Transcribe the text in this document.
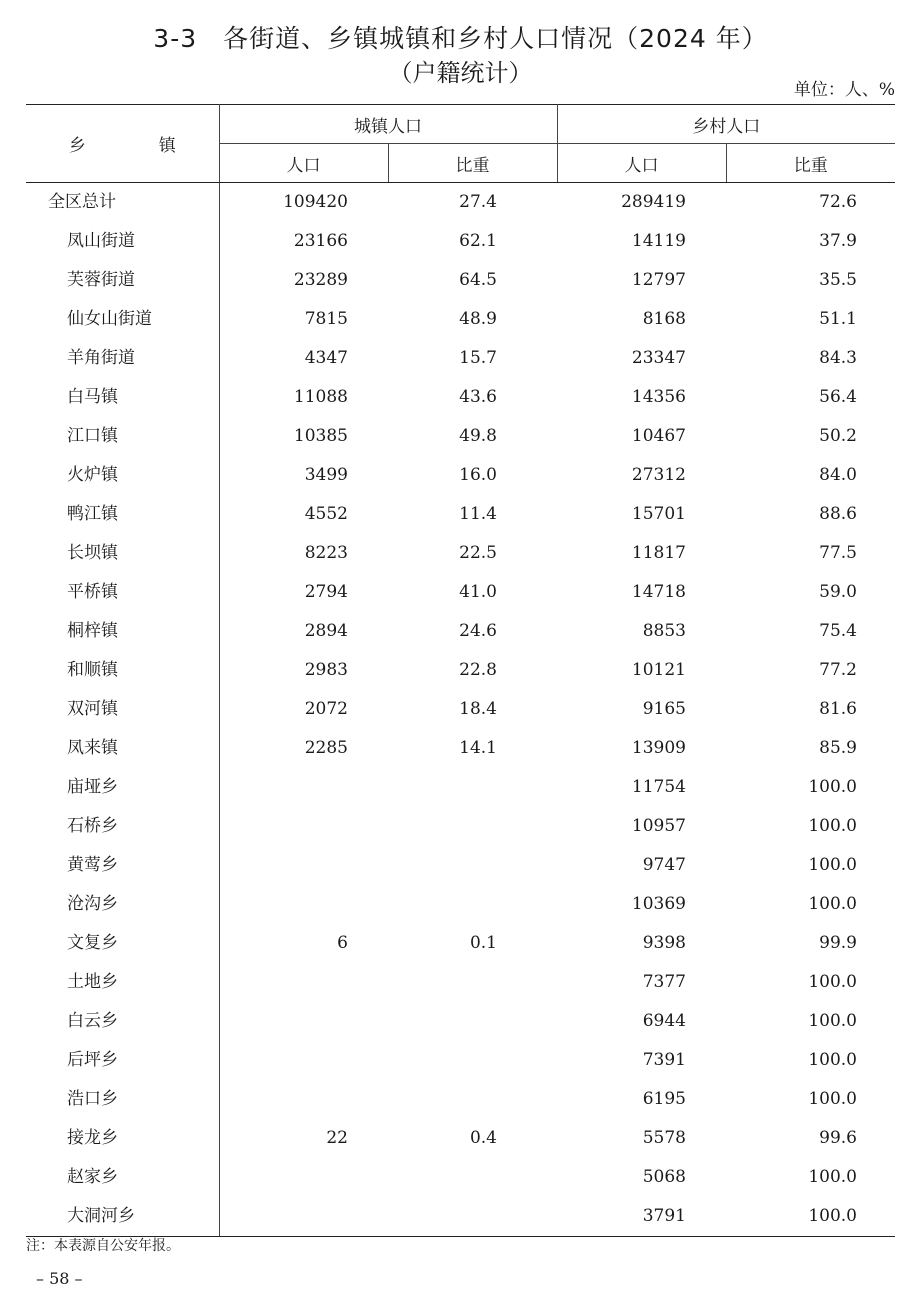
3-3　各街道、乡镇城镇和乡村人口情况（2024 年）
（户籍统计）
单位：人、%
乡　镇	城镇人口		乡村人口	
	人口	比重	人口	比重
全区总计	109420	27.4	289419	72.6
凤山街道	23166	62.1	14119	37.9
芙蓉街道	23289	64.5	12797	35.5
仙女山街道	7815	48.9	8168	51.1
羊角街道	4347	15.7	23347	84.3
白马镇	11088	43.6	14356	56.4
江口镇	10385	49.8	10467	50.2
火炉镇	3499	16.0	27312	84.0
鸭江镇	4552	11.4	15701	88.6
长坝镇	8223	22.5	11817	77.5
平桥镇	2794	41.0	14718	59.0
桐梓镇	2894	24.6	8853	75.4
和顺镇	2983	22.8	10121	77.2
双河镇	2072	18.4	9165	81.6
凤来镇	2285	14.1	13909	85.9
庙垭乡			11754	100.0
石桥乡			10957	100.0
黄莺乡			9747	100.0
沧沟乡			10369	100.0
文复乡	6	0.1	9398	99.9
土地乡			7377	100.0
白云乡			6944	100.0
后坪乡			7391	100.0
浩口乡			6195	100.0
接龙乡	22	0.4	5578	99.6
赵家乡			5068	100.0
大洞河乡			3791	100.0
注：本表源自公安年报。
– 58 –
